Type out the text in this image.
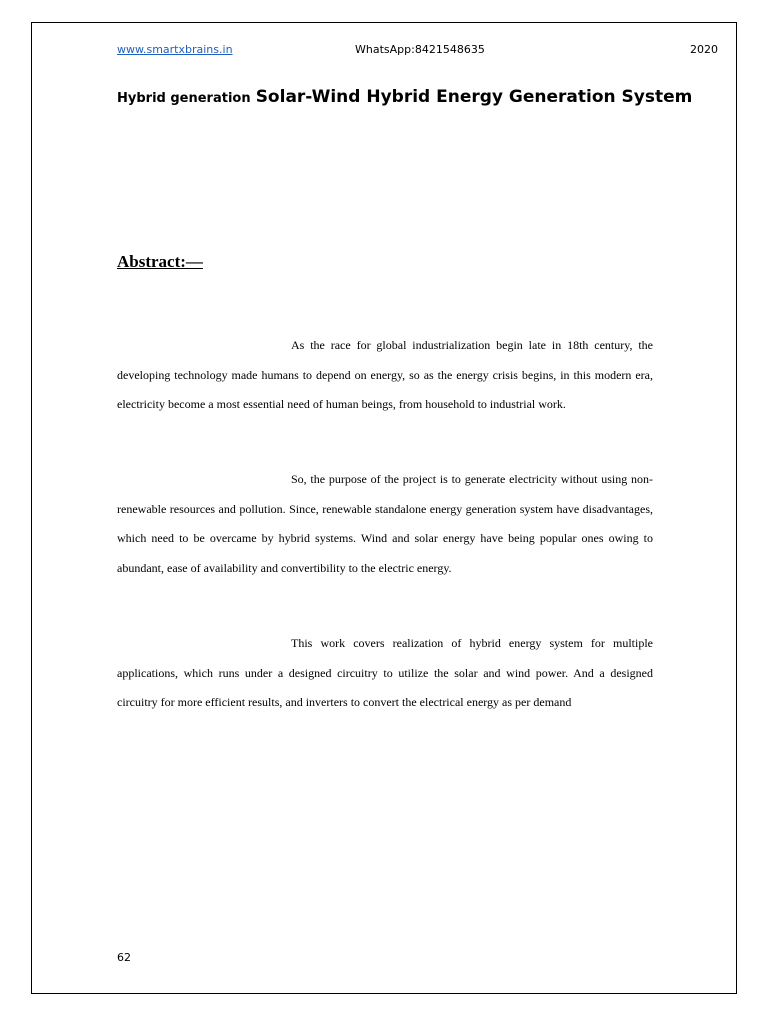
www.smartxbrains.in	WhatsApp:8421548635	2020
Hybrid generation Solar-Wind Hybrid Energy Generation System
Abstract:—

As the race for global industrialization begin late in 18th century, the developing technology made humans to depend on energy, so as the energy crisis begins, in this modern era, electricity become a most essential need of human beings, from household to industrial work.

So, the purpose of the project is to generate electricity without using non-renewable resources and pollution. Since, renewable standalone energy generation system have disadvantages, which need to be overcame by hybrid systems. Wind and solar energy have being popular ones owing to abundant, ease of availability and convertibility to the electric energy.

This work covers realization of hybrid energy system for multiple applications, which runs under a designed circuitry to utilize the solar and wind power. And a designed circuitry for more efficient results, and inverters to convert the electrical energy as per demand

62
